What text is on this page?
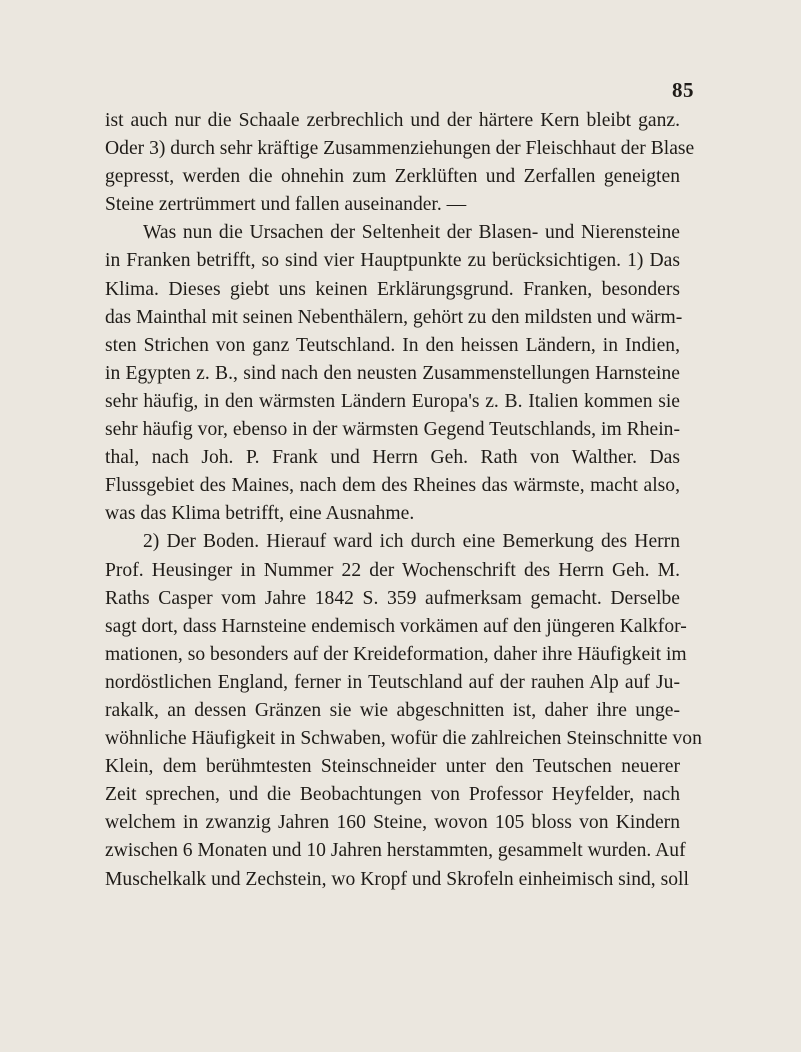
85
ist auch nur die Schaale zerbrechlich und der härtere Kern bleibt ganz.
Oder 3) durch sehr kräftige Zusammenziehungen der Fleischhaut der Blase
gepresst, werden die ohnehin zum Zerklüften und Zerfallen geneigten
Steine zertrümmert und fallen auseinander. —
Was nun die Ursachen der Seltenheit der Blasen- und Nierensteine
in Franken betrifft, so sind vier Hauptpunkte zu berücksichtigen. 1) Das
Klima. Dieses giebt uns keinen Erklärungsgrund. Franken, besonders
das Mainthal mit seinen Nebenthälern, gehört zu den mildsten und wärm-
sten Strichen von ganz Teutschland. In den heissen Ländern, in Indien,
in Egypten z. B., sind nach den neusten Zusammenstellungen Harnsteine
sehr häufig, in den wärmsten Ländern Europa's z. B. Italien kommen sie
sehr häufig vor, ebenso in der wärmsten Gegend Teutschlands, im Rhein-
thal, nach Joh. P. Frank und Herrn Geh. Rath von Walther. Das
Flussgebiet des Maines, nach dem des Rheines das wärmste, macht also,
was das Klima betrifft, eine Ausnahme.
2) Der Boden. Hierauf ward ich durch eine Bemerkung des Herrn
Prof. Heusinger in Nummer 22 der Wochenschrift des Herrn Geh. M.
Raths Casper vom Jahre 1842 S. 359 aufmerksam gemacht. Derselbe
sagt dort, dass Harnsteine endemisch vorkämen auf den jüngeren Kalkfor-
mationen, so besonders auf der Kreideformation, daher ihre Häufigkeit im
nordöstlichen England, ferner in Teutschland auf der rauhen Alp auf Ju-
rakalk, an dessen Gränzen sie wie abgeschnitten ist, daher ihre unge-
wöhnliche Häufigkeit in Schwaben, wofür die zahlreichen Steinschnitte von
Klein, dem berühmtesten Steinschneider unter den Teutschen neuerer
Zeit sprechen, und die Beobachtungen von Professor Heyfelder, nach
welchem in zwanzig Jahren 160 Steine, wovon 105 bloss von Kindern
zwischen 6 Monaten und 10 Jahren herstammten, gesammelt wurden. Auf
Muschelkalk und Zechstein, wo Kropf und Skrofeln einheimisch sind, soll
